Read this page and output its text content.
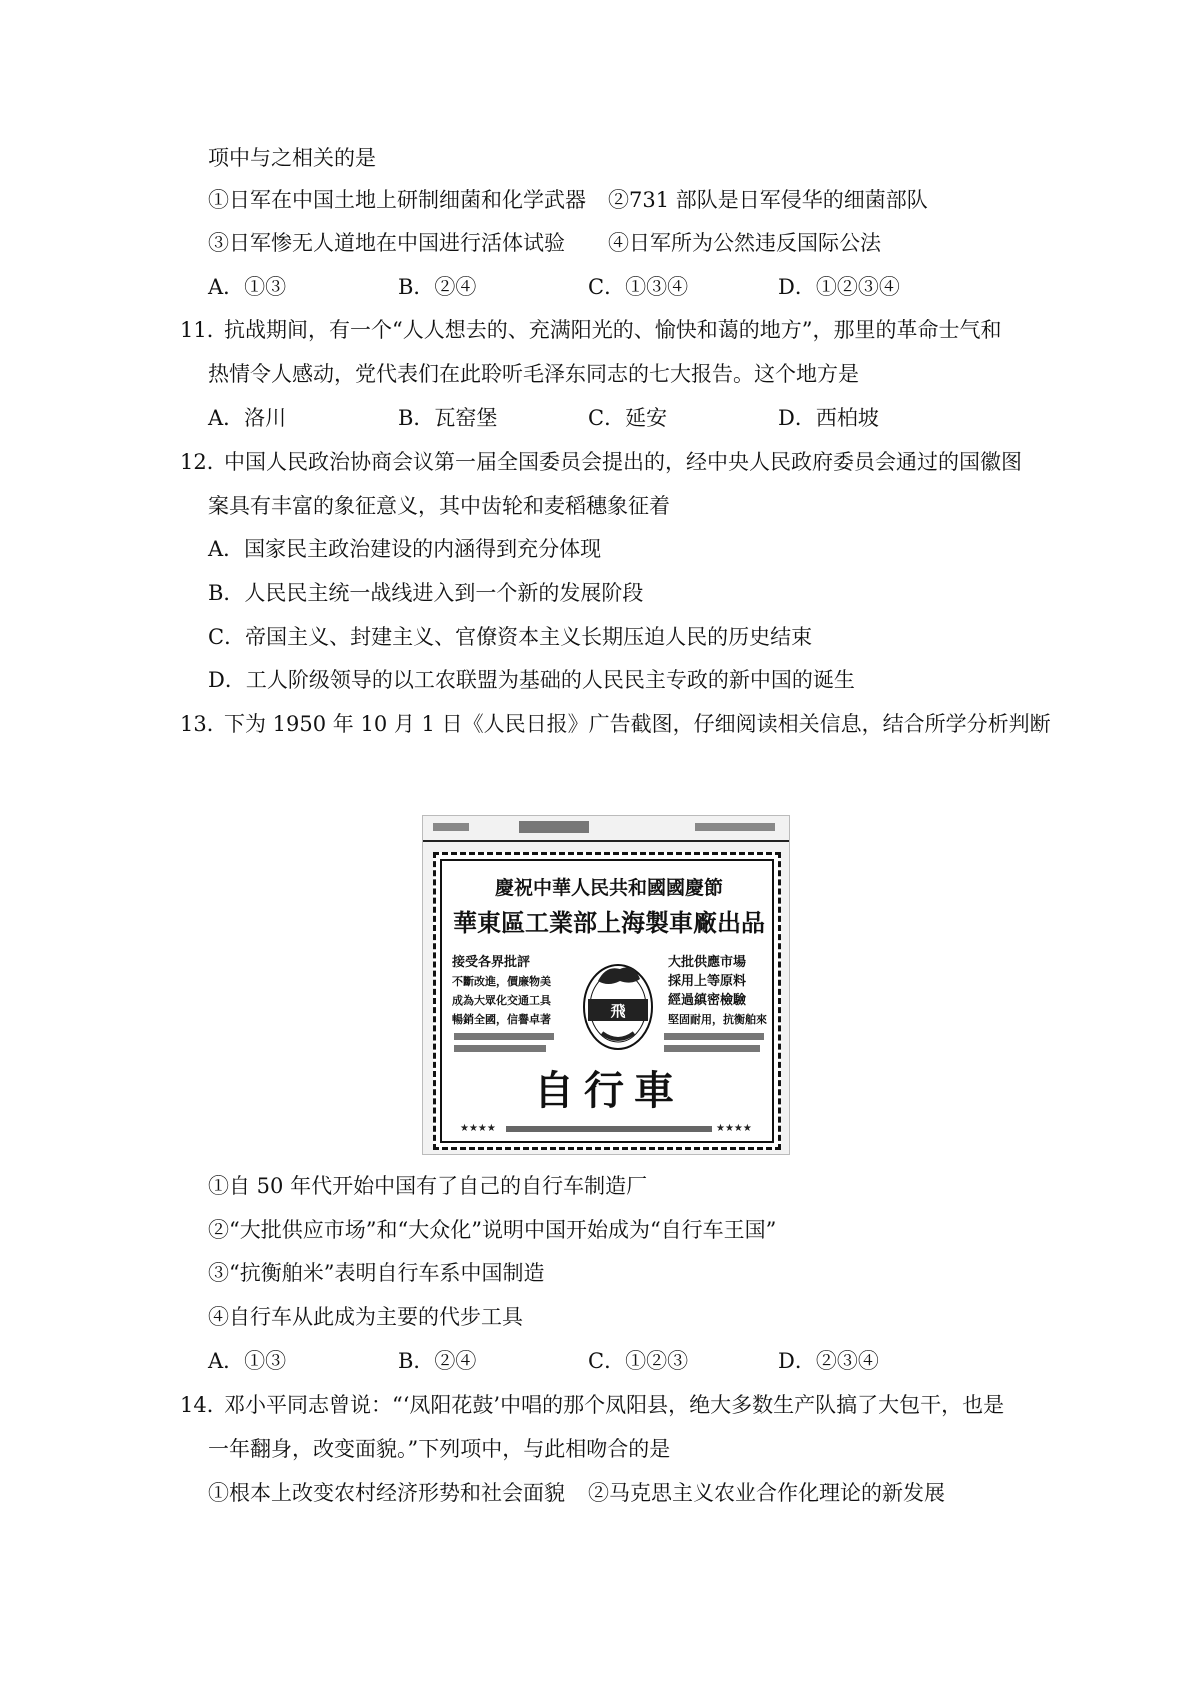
项中与之相关的是
①日军在中国土地上研制细菌和化学武器 ②731 部队是日军侵华的细菌部队
③日军惨无人道地在中国进行活体试验 ④日军所为公然违反国际公法
A．①③	B．②④	C．①③④	D．①②③④
11．
抗战期间，有一个“人人想去的、充满阳光的、愉快和蔼的地方”，那里的革命士气和
热情令人感动，党代表们在此聆听毛泽东同志的七大报告。这个地方是
A．洛川	B．瓦窑堡	C．延安	D．西柏坡
12．
中国人民政治协商会议第一届全国委员会提出的，经中央人民政府委员会通过的国徽图
案具有丰富的象征意义，其中齿轮和麦稻穗象征着
A．国家民主政治建设的内涵得到充分体现
B．人民民主统一战线进入到一个新的发展阶段
C．帝国主义、封建主义、官僚资本主义长期压迫人民的历史结束
D．工人阶级领导的以工农联盟为基础的人民民主专政的新中国的诞生
13．
下为 1950 年 10 月 1 日《人民日报》广告截图，仔细阅读相关信息，结合所学分析判断
慶祝中華人民共和國國慶節
華東區工業部上海製車廠出品
接受各界批評
不斷改進，價廉物美
成為大眾化交通工具
暢銷全國，信譽卓著	飛
大批供應市場
採用上等原料
經過縝密檢驗
堅固耐用，抗衡舶來
自行車
★★★★	★★★★
①自 50 年代开始中国有了自己的自行车制造厂
②“大批供应市场”和“大众化”说明中国开始成为“自行车王国”
③“抗衡舶米”表明自行车系中国制造
④自行车从此成为主要的代步工具
A．①③	B．②④	C．①②③	D．②③④
14．
邓小平同志曾说：“‘凤阳花鼓’中唱的那个凤阳县，绝大多数生产队搞了大包干，也是
一年翻身，改变面貌。”下列项中，与此相吻合的是
①根本上改变农村经济形势和社会面貌 ②马克思主义农业合作化理论的新发展
